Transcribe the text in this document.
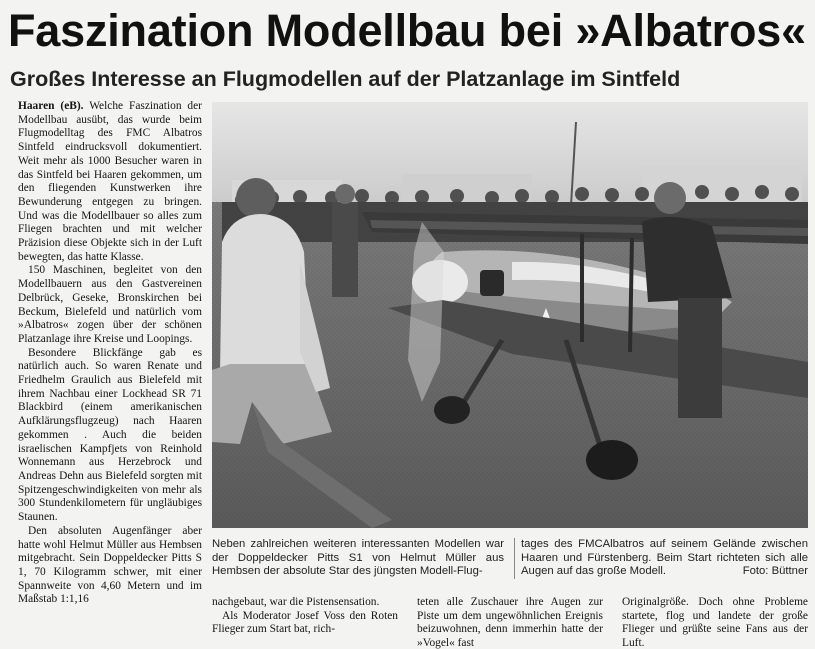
Faszination Modellbau bei »Albatros«
Großes Interesse an Flugmodellen auf der Platzanlage im Sintfeld

Haaren (eB). Welche Faszination der Modellbau ausübt, das wurde beim Flugmodelltag des FMC Albatros Sintfeld eindrucksvoll dokumentiert. Weit mehr als 1000 Besucher waren in das Sintfeld bei Haaren gekommen, um den fliegenden Kunstwerken ihre Bewunderung entgegen zu bringen. Und was die Modellbauer so alles zum Fliegen brachten und mit welcher Präzision diese Objekte sich in der Luft bewegten, das hatte Klasse.

150 Maschinen, begleitet von den Modellbauern aus den Gastvereinen Delbrück, Geseke, Bronskirchen bei Beckum, Bielefeld und natürlich vom »Albatros« zogen über der schönen Platzanlage ihre Kreise und Loopings.

Besondere Blickfänge gab es natürlich auch. So waren Renate und Friedhelm Graulich aus Bielefeld mit ihrem Nachbau einer Lockhead SR 71 Blackbird (einem amerikanischen Aufklärungsflugzeug) nach Haaren gekommen . Auch die beiden israelischen Kampfjets von Reinhold Wonnemann aus Herzebrock und Andreas Dehn aus Bielefeld sorgten mit Spitzengeschwindigkeiten von mehr als 300 Stundenkilometern für ungläubiges Staunen.

Den absoluten Augenfänger aber hatte wohl Helmut Müller aus Hembsen mitgebracht. Sein Doppeldecker Pitts S 1, 70 Kilogramm schwer, mit einer Spannweite von 4,60 Metern und im Maßstab 1:1,16

Neben zahlreichen weiteren interessanten Modellen war der Doppeldecker Pitts S1 von Helmut Müller aus Hembsen der absolute Star des jüngsten Modell-Flug-
tages des FMCAlbatros auf seinem Gelände zwischen Haaren und Fürstenberg. Beim Start richteten sich alle Augen auf das große Modell.	Foto: Büttner

nachgebaut, war die Pistensensation.

Als Moderator Josef Voss den Roten Flieger zum Start bat, rich-

teten alle Zuschauer ihre Augen zur Piste um dem ungewöhnlichen Ereignis beizuwohnen, denn immerhin hatte der »Vogel« fast

Originalgröße. Doch ohne Probleme startete, flog und landete der große Flieger und grüßte seine Fans aus der Luft.
